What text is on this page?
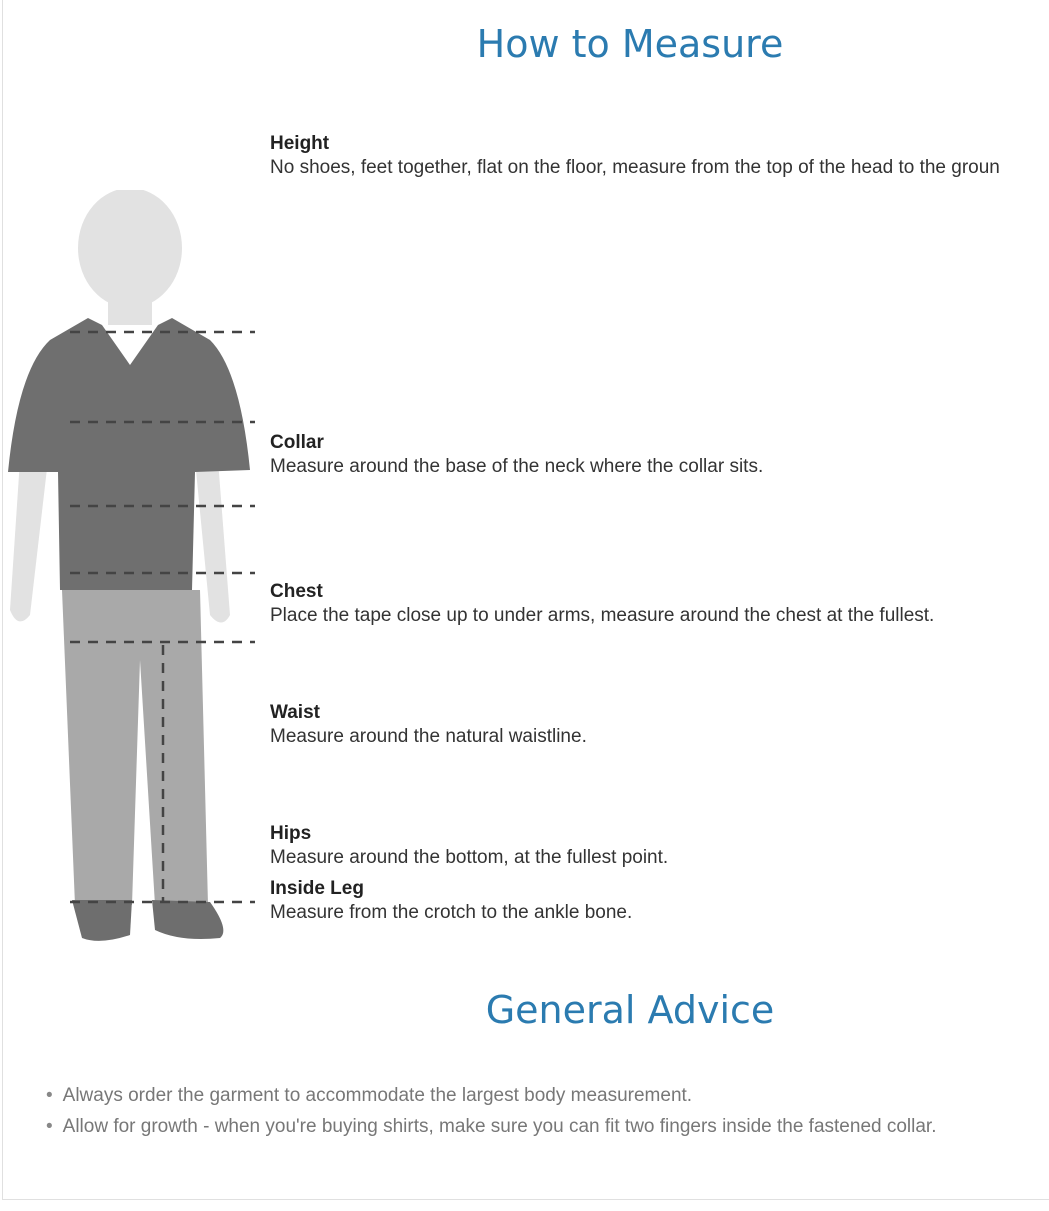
How to Measure
Height
No shoes, feet together, flat on the floor, measure from the top of the head to the groun
Collar
Measure around the base of the neck where the collar sits.
Chest
Place the tape close up to under arms, measure around the chest at the fullest.
Waist
Measure around the natural waistline.
Hips
Measure around the bottom, at the fullest point.
Inside Leg
Measure from the crotch to the ankle bone.
General Advice
• Always order the garment to accommodate the largest body measurement.
• Allow for growth - when you're buying shirts, make sure you can fit two fingers inside the fastened collar.
